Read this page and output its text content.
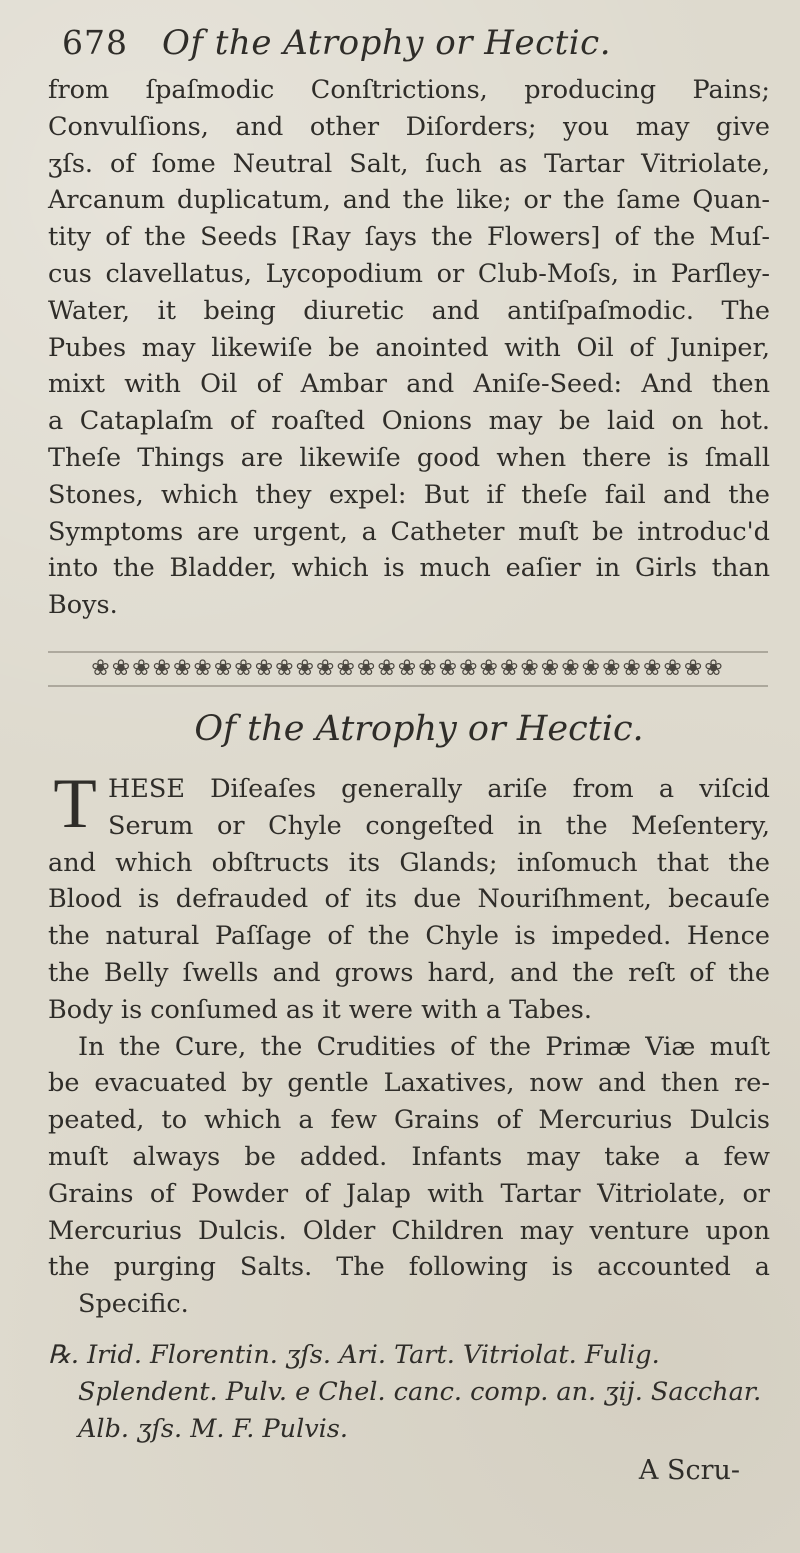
678 Of the Atrophy or Hectic.
from ſpaſmodic Conſtrictions, producing Pains;
Convulſions, and other Diſorders; you may give
ʒſs. of ſome Neutral Salt, ſuch as Tartar Vitriolate,
Arcanum duplicatum, and the like; or the ſame Quan-
tity of the Seeds [Ray ſays the Flowers] of the Muſ-
cus clavellatus, Lycopodium or Club-Moſs, in Parſley-
Water, it being diuretic and antiſpaſmodic. The
Pubes may likewiſe be anointed with Oil of Juniper,
mixt with Oil of Ambar and Aniſe-Seed: And then
a Cataplaſm of roaſted Onions may be laid on hot.
Theſe Things are likewiſe good when there is ſmall
Stones, which they expel: But if theſe fail and the
Symptoms are urgent, a Catheter muſt be introduc'd
into the Bladder, which is much eaſier in Girls than
Boys.
❀❀❀❀❀❀❀❀❀❀❀❀❀❀❀❀❀❀❀❀❀❀❀❀❀❀❀❀❀❀❀
Of the Atrophy or Hectic.
T HESE Diſeaſes generally ariſe from a viſcid
Serum or Chyle congeſted in the Meſentery,
and which obſtructs its Glands; inſomuch that the
Blood is defrauded of its due Nouriſhment, becauſe
the natural Paſſage of the Chyle is impeded. Hence
the Belly ſwells and grows hard, and the reſt of the
Body is conſumed as it were with a Tabes.
In the Cure, the Crudities of the Primæ Viæ muſt
be evacuated by gentle Laxatives, now and then re-
peated, to which a few Grains of Mercurius Dulcis
muſt always be added. Infants may take a few
Grains of Powder of Jalap with Tartar Vitriolate, or
Mercurius Dulcis. Older Children may venture upon
the purging Salts. The following is accounted a
Specific.
℞. Irid. Florentin. ʒſs. Ari. Tart. Vitriolat. Fulig.
Splendent. Pulv. e Chel. canc. comp. an. ʒij. Sacchar.
Alb. ʒſs. M. F. Pulvis.
A Scru-
